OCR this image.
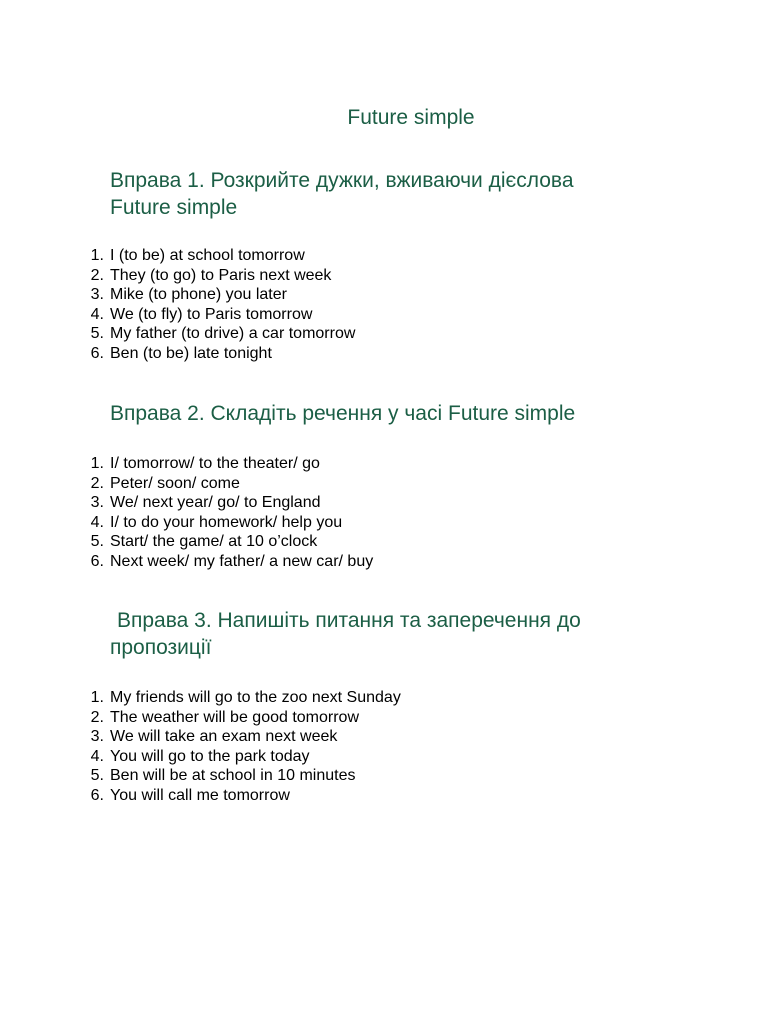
Future simple
Вправа 1. Розкрийте дужки, вживаючи дієслова
Future simple
1. I (to be) at school tomorrow
2. They (to go) to Paris next week
3. Mike (to phone) you later
4. We (to fly) to Paris tomorrow
5. My father (to drive) a car tomorrow
6. Ben (to be) late tonight
Вправа 2. Складіть речення у часі Future simple
1. I/ tomorrow/ to the theater/ go
2. Peter/ soon/ come
3. We/ next year/ go/ to England
4. I/ to do your homework/ help you
5. Start/ the game/ at 10 o’clock
6. Next week/ my father/ a new car/ buy
Вправа 3. Напишіть питання та заперечення до
пропозиції
1. My friends will go to the zoo next Sunday
2. The weather will be good tomorrow
3. We will take an exam next week
4. You will go to the park today
5. Ben will be at school in 10 minutes
6. You will call me tomorrow
